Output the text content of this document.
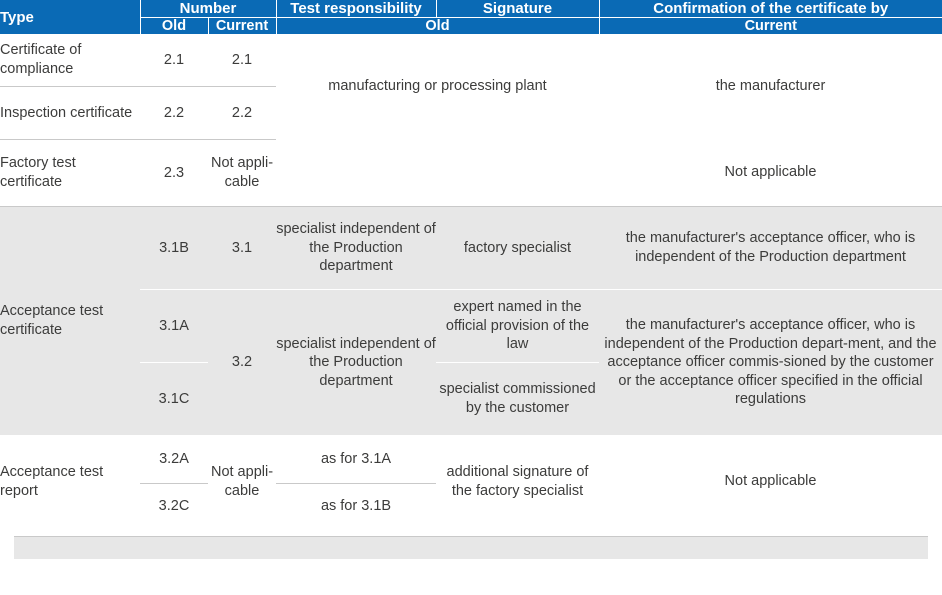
Type	Number		Test responsibility	Signature	Confirmation of the certificate by
	Old	Current	Old		Current
Certificate of compliance	2.1	2.1	manufacturing or processing plant		the manufacturer
Inspection certificate	2.2	2.2			
Factory test certificate	2.3	Not appli-cable			Not applicable
Acceptance test certificate	3.1B	3.1	specialist independent of the Production department	factory specialist	the manufacturer's acceptance officer, who is independent of the Production department
	3.1A	3.2	specialist independent of the Production department	expert named in the official provision of the law	the manufacturer's acceptance officer, who is independent of the Production depart-ment, and the acceptance officer commis-sioned by the customer or the acceptance officer specified in the official regulations
	3.1C			specialist commissioned by the customer	
Acceptance test report	3.2A	Not appli-cable	as for 3.1A	additional signature of the factory specialist	Not applicable
	3.2C		as for 3.1B		
